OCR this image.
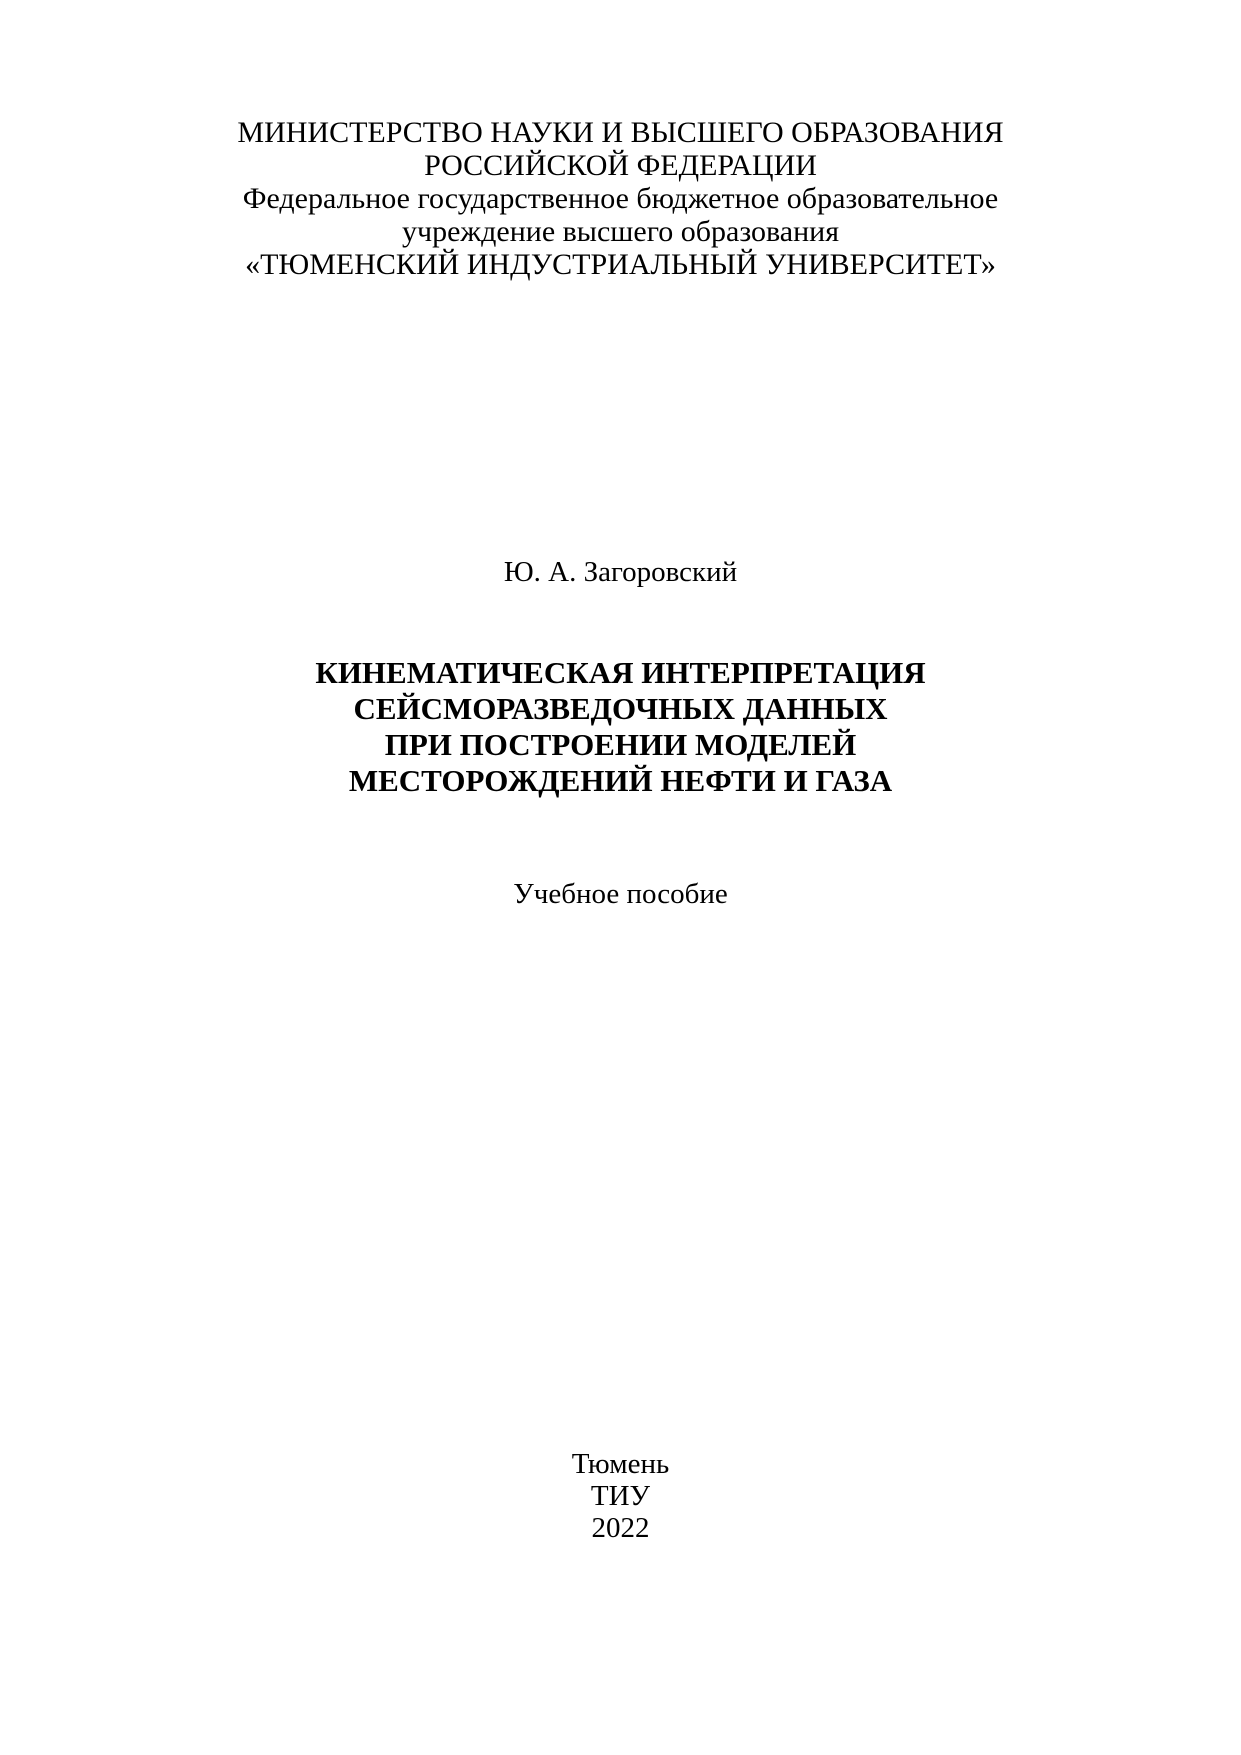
МИНИСТЕРСТВО НАУКИ И ВЫСШЕГО ОБРАЗОВАНИЯ
РОССИЙСКОЙ ФЕДЕРАЦИИ
Федеральное государственное бюджетное образовательное
учреждение высшего образования
«ТЮМЕНСКИЙ ИНДУСТРИАЛЬНЫЙ УНИВЕРСИТЕТ»
Ю. А. Загоровский
КИНЕМАТИЧЕСКАЯ ИНТЕРПРЕТАЦИЯ
СЕЙСМОРАЗВЕДОЧНЫХ ДАННЫХ
ПРИ ПОСТРОЕНИИ МОДЕЛЕЙ
МЕСТОРОЖДЕНИЙ НЕФТИ И ГАЗА
Учебное пособие
Тюмень
ТИУ
2022
